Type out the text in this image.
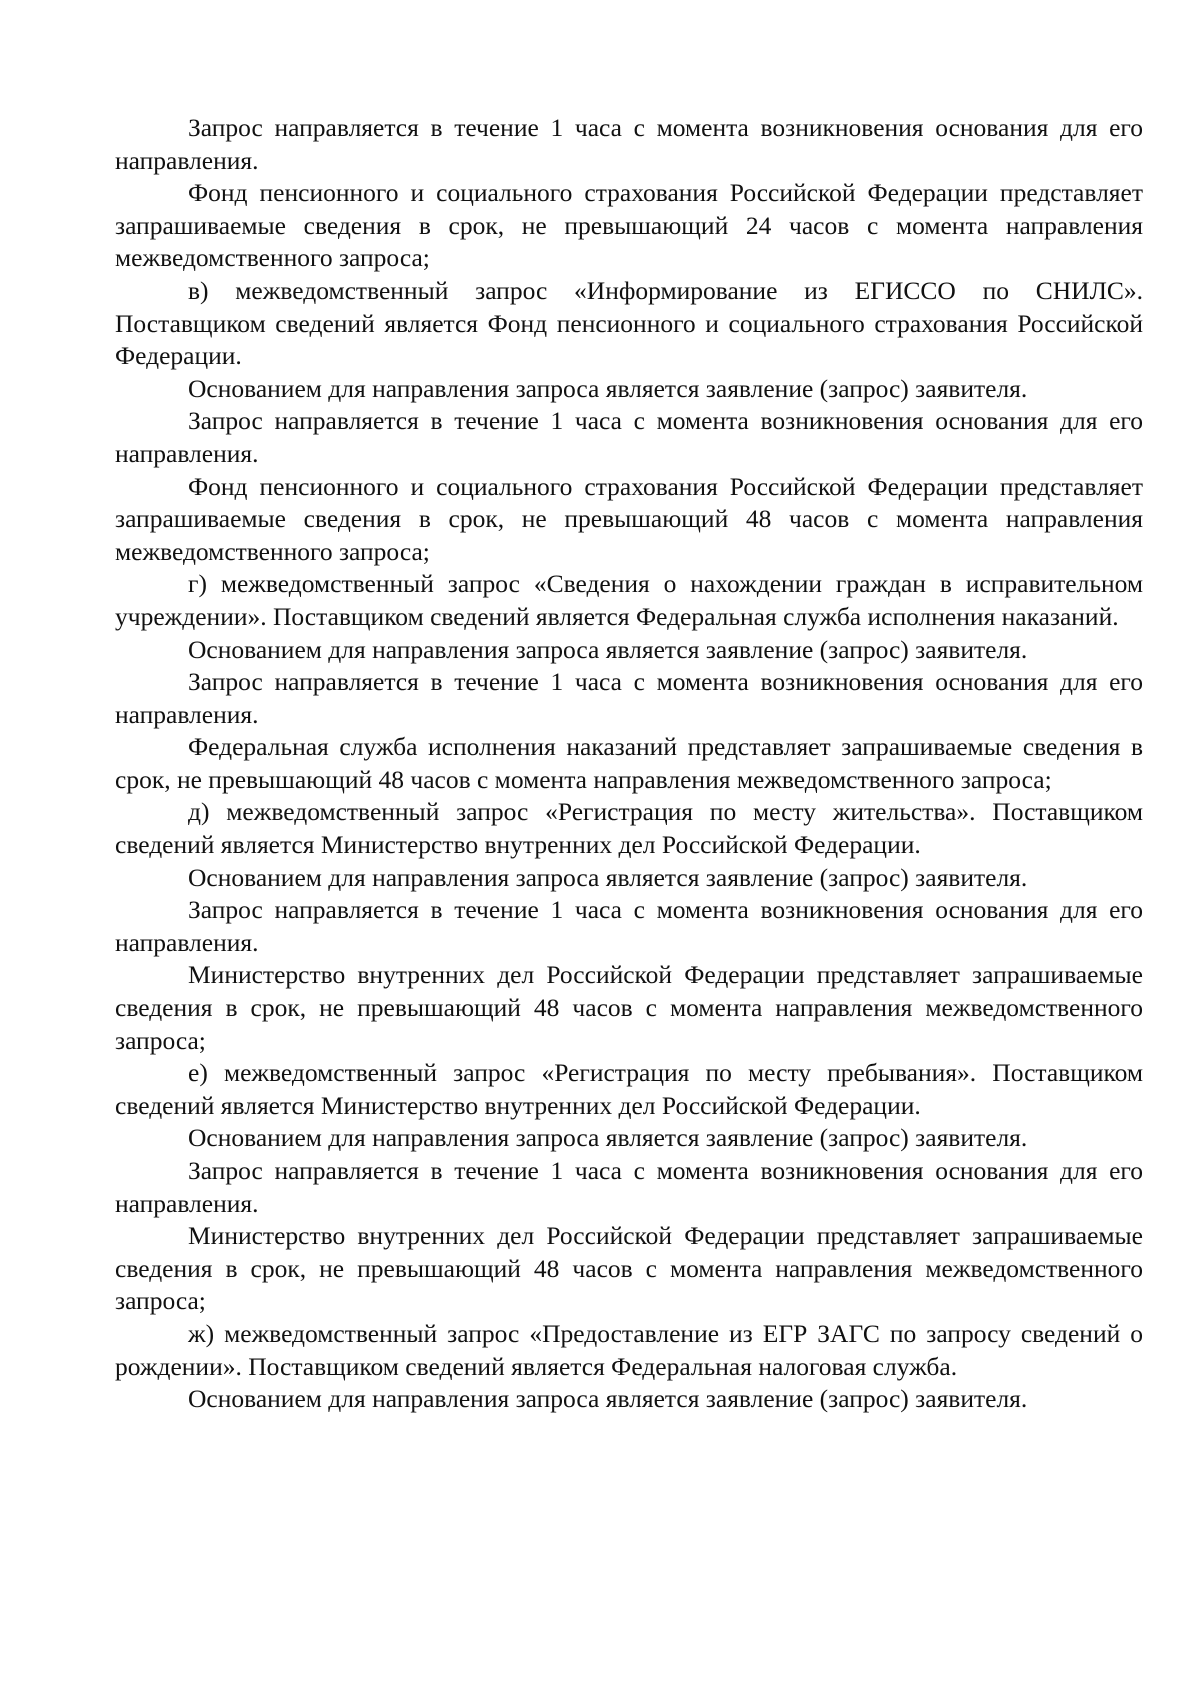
Запрос направляется в течение 1 часа с момента возникновения основания для его направления.

Фонд пенсионного и социального страхования Российской Федерации представляет запрашиваемые сведения в срок, не превышающий 24 часов с момента направления межведомственного запроса;

в) межведомственный запрос «Информирование из ЕГИССО по СНИЛС». Поставщиком сведений является Фонд пенсионного и социального страхования Российской Федерации.

Основанием для направления запроса является заявление (запрос) заявителя.

Запрос направляется в течение 1 часа с момента возникновения основания для его направления.

Фонд пенсионного и социального страхования Российской Федерации представляет запрашиваемые сведения в срок, не превышающий 48 часов с момента направления межведомственного запроса;

г) межведомственный запрос «Сведения о нахождении граждан в исправительном учреждении». Поставщиком сведений является Федеральная служба исполнения наказаний.

Основанием для направления запроса является заявление (запрос) заявителя.

Запрос направляется в течение 1 часа с момента возникновения основания для его направления.

Федеральная служба исполнения наказаний представляет запрашиваемые сведения в срок, не превышающий 48 часов с момента направления межведомственного запроса;

д) межведомственный запрос «Регистрация по месту жительства». Поставщиком сведений является Министерство внутренних дел Российской Федерации.

Основанием для направления запроса является заявление (запрос) заявителя.

Запрос направляется в течение 1 часа с момента возникновения основания для его направления.

Министерство внутренних дел Российской Федерации представляет запрашиваемые сведения в срок, не превышающий 48 часов с момента направления межведомственного запроса;

е) межведомственный запрос «Регистрация по месту пребывания». Поставщиком сведений является Министерство внутренних дел Российской Федерации.

Основанием для направления запроса является заявление (запрос) заявителя.

Запрос направляется в течение 1 часа с момента возникновения основания для его направления.

Министерство внутренних дел Российской Федерации представляет запрашиваемые сведения в срок, не превышающий 48 часов с момента направления межведомственного запроса;

ж) межведомственный запрос «Предоставление из ЕГР ЗАГС по запросу сведений о рождении». Поставщиком сведений является Федеральная налоговая служба.

Основанием для направления запроса является заявление (запрос) заявителя.
